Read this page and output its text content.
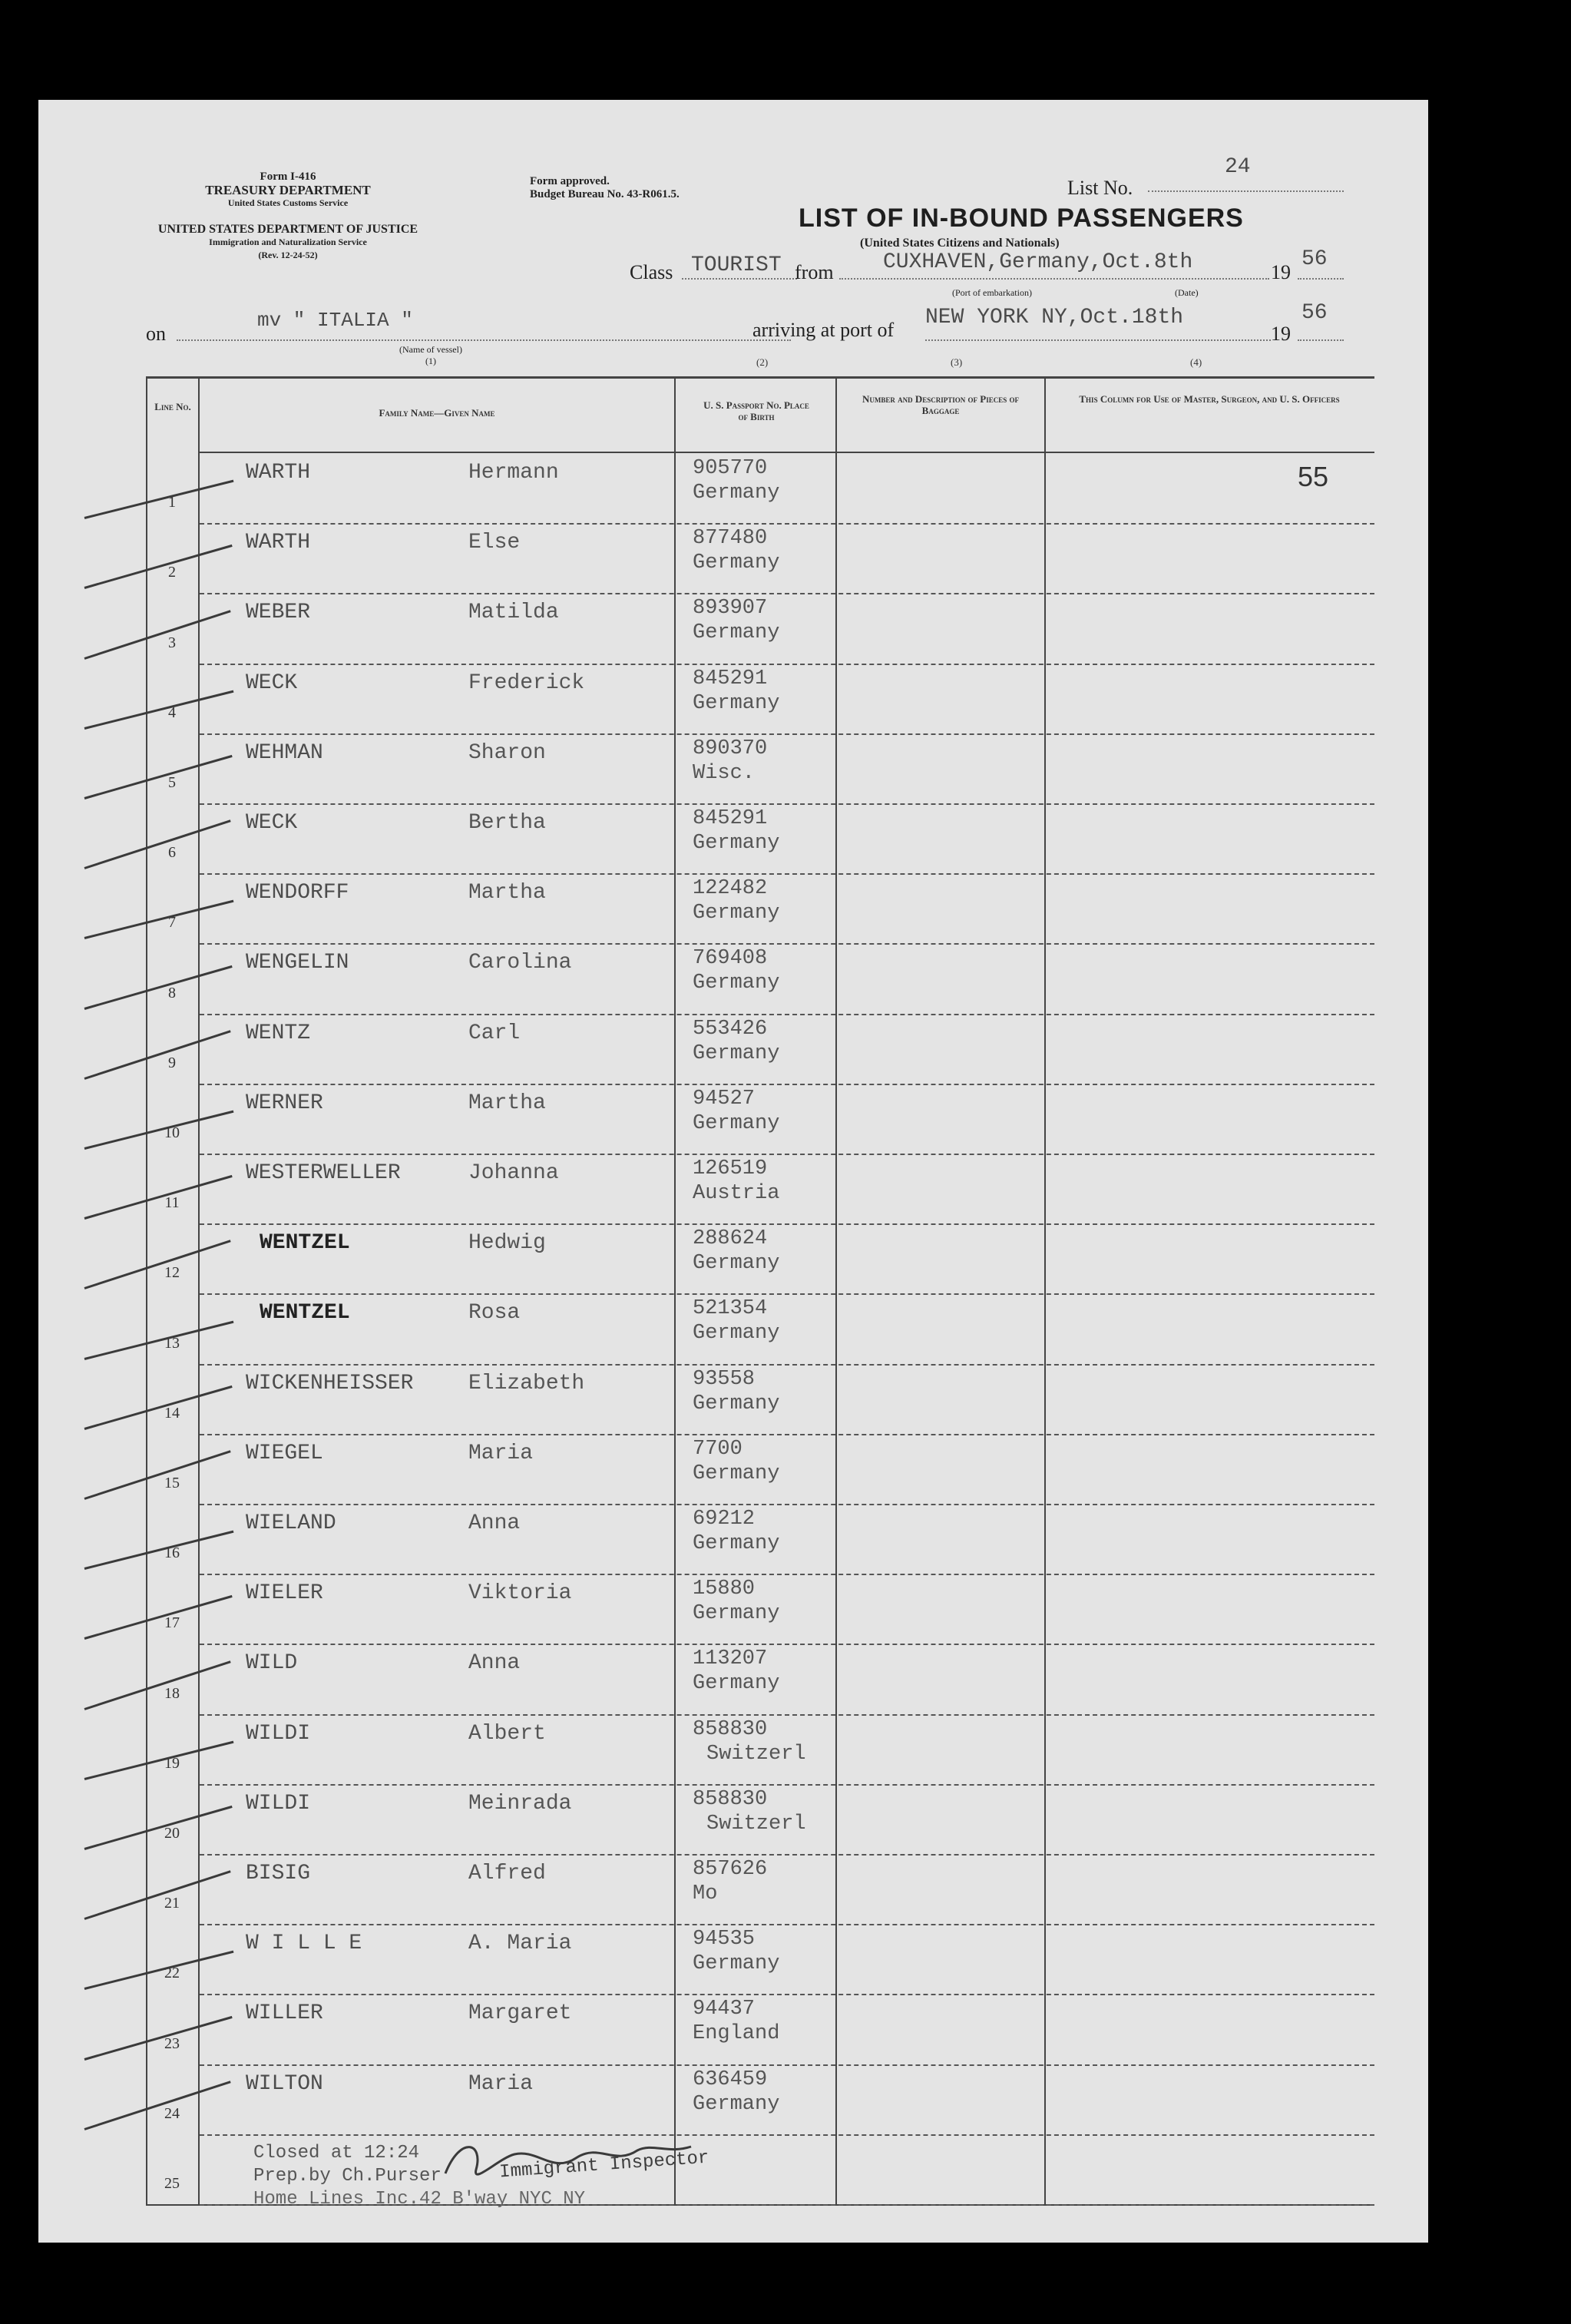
Form I-416
TREASURY DEPARTMENT
United States Customs Service
UNITED STATES DEPARTMENT OF JUSTICE
Immigration and Naturalization Service
(Rev. 12-24-52)
Form approved.
Budget Bureau No. 43-R061.5.	List No.
24
LIST OF IN-BOUND PASSENGERS
(United States Citizens and Nationals)
Class TOURIST from CUXHAVEN,Germany,Oct.8th	19
56
(Port of embarkation)	(Date)
on
mv " ITALIA "	arriving at port of
NEW YORK NY,Oct.18th
19
56
(Name of vessel)
(1)	(2)	(3)	(4)
Line No.
Family Name—Given Name
U. S. Passport No. Place of Birth
Number and Description of Pieces of Baggage
This Column for Use of Master, Surgeon, and U. S. Officers
55
1
WARTH	Hermann	905770
Germany
2
WARTH	Else	877480
Germany
3
WEBER	Matilda	893907
Germany
4
WECK	Frederick	845291
Germany
5
WEHMAN	Sharon	890370
Wisc.
6
WECK	Bertha	845291
Germany
7
WENDORFF	Martha	122482
Germany
8
WENGELIN	Carolina	769408
Germany
9
WENTZ	Carl	553426
Germany
10
WERNER	Martha	94527
Germany
11
WESTERWELLER	Johanna	126519
Austria
12
WENTZEL	Hedwig	288624
Germany
13
WENTZEL	Rosa	521354
Germany
14
WICKENHEISSER	Elizabeth	93558
Germany
15
WIEGEL	Maria	7700
Germany
16
WIELAND	Anna	69212
Germany
17
WIELER	Viktoria	15880
Germany
18
WILD	Anna	113207
Germany
19
WILDI	Albert	858830
Switzerl
20
WILDI	Meinrada	858830
Switzerl
21
BISIG	Alfred	857626
Mo
22
W I L L E	A. Maria	94535
Germany
23
WILLER	Margaret	94437
England
24
WILTON	Maria	636459
Germany
25
Closed at 12:24
Prep.by Ch.Purser	Immigrant Inspector
Home Lines Inc.42 B'way NYC NY
